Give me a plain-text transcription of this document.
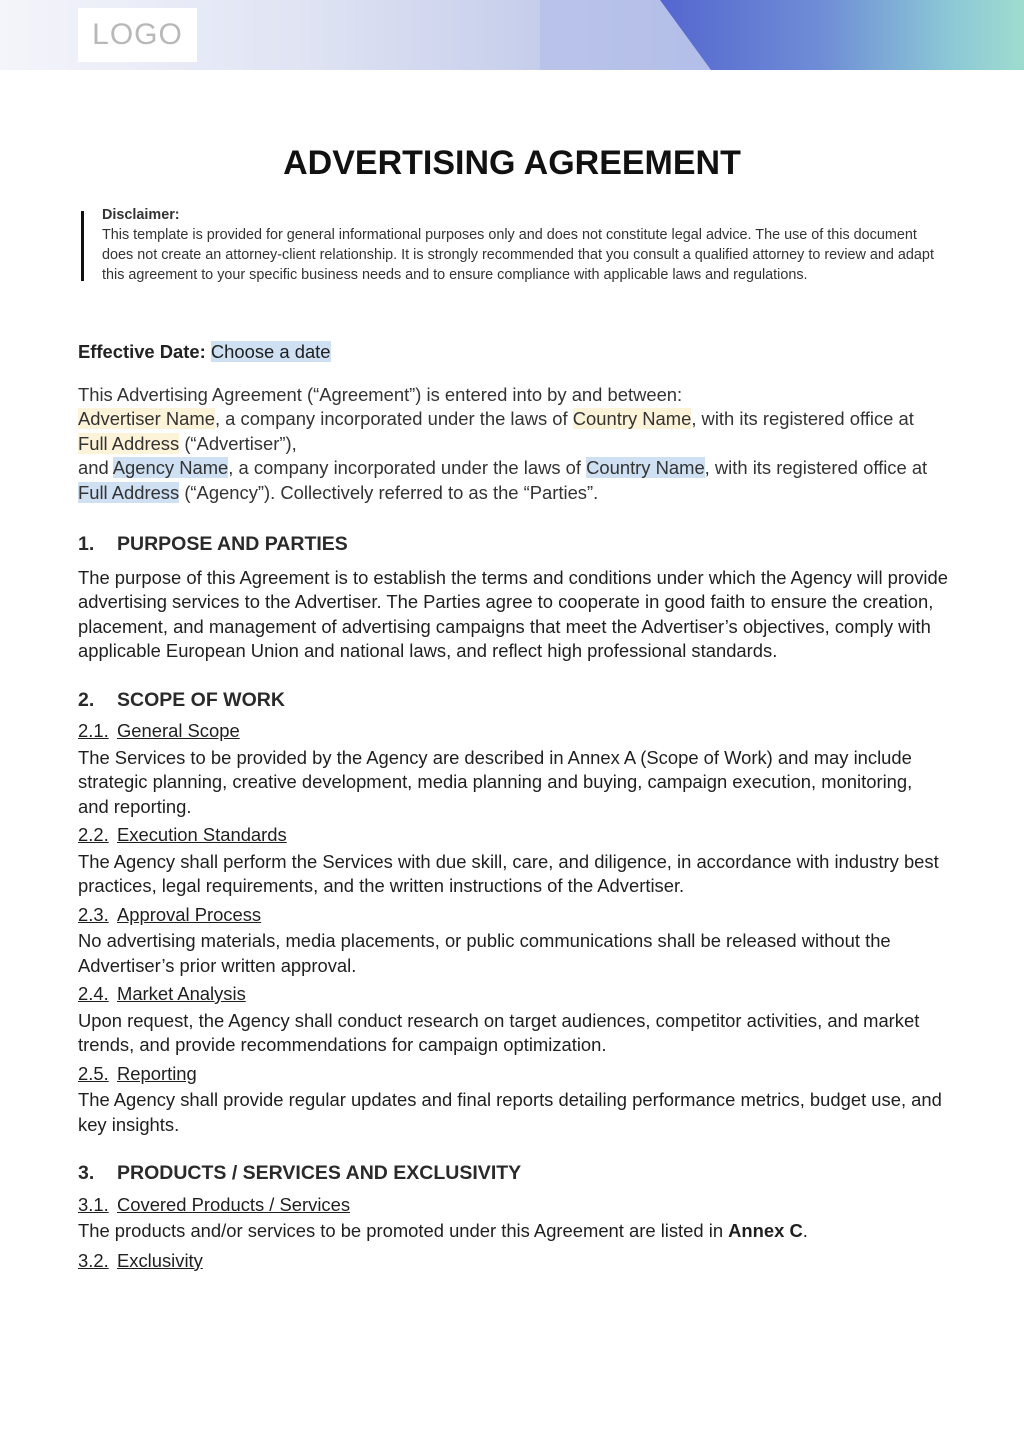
LOGO
ADVERTISING AGREEMENT
Disclaimer:
This template is provided for general informational purposes only and does not constitute legal advice. The use of this document does not create an attorney-client relationship. It is strongly recommended that you consult a qualified attorney to review and adapt this agreement to your specific business needs and to ensure compliance with applicable laws and regulations.

Effective Date: Choose a date

This Advertising Agreement (“Agreement”) is entered into by and between:
Advertiser Name, a company incorporated under the laws of Country Name, with its registered office at Full Address (“Advertiser”),
and Agency Name, a company incorporated under the laws of Country Name, with its registered office at Full Address (“Agency”). Collectively referred to as the “Parties”.

1.	PURPOSE AND PARTIES

The purpose of this Agreement is to establish the terms and conditions under which the Agency will provide advertising services to the Advertiser. The Parties agree to cooperate in good faith to ensure the creation, placement, and management of advertising campaigns that meet the Advertiser’s objectives, comply with applicable European Union and national laws, and reflect high professional standards.

2.	SCOPE OF WORK

2.1. General Scope

The Services to be provided by the Agency are described in Annex A (Scope of Work) and may include strategic planning, creative development, media planning and buying, campaign execution, monitoring, and reporting.

2.2. Execution Standards

The Agency shall perform the Services with due skill, care, and diligence, in accordance with industry best practices, legal requirements, and the written instructions of the Advertiser.

2.3. Approval Process

No advertising materials, media placements, or public communications shall be released without the Advertiser’s prior written approval.

2.4. Market Analysis

Upon request, the Agency shall conduct research on target audiences, competitor activities, and market trends, and provide recommendations for campaign optimization.

2.5. Reporting

The Agency shall provide regular updates and final reports detailing performance metrics, budget use, and key insights.

3.	PRODUCTS / SERVICES AND EXCLUSIVITY

3.1. Covered Products / Services

The products and/or services to be promoted under this Agreement are listed in Annex C.

3.2. Exclusivity
